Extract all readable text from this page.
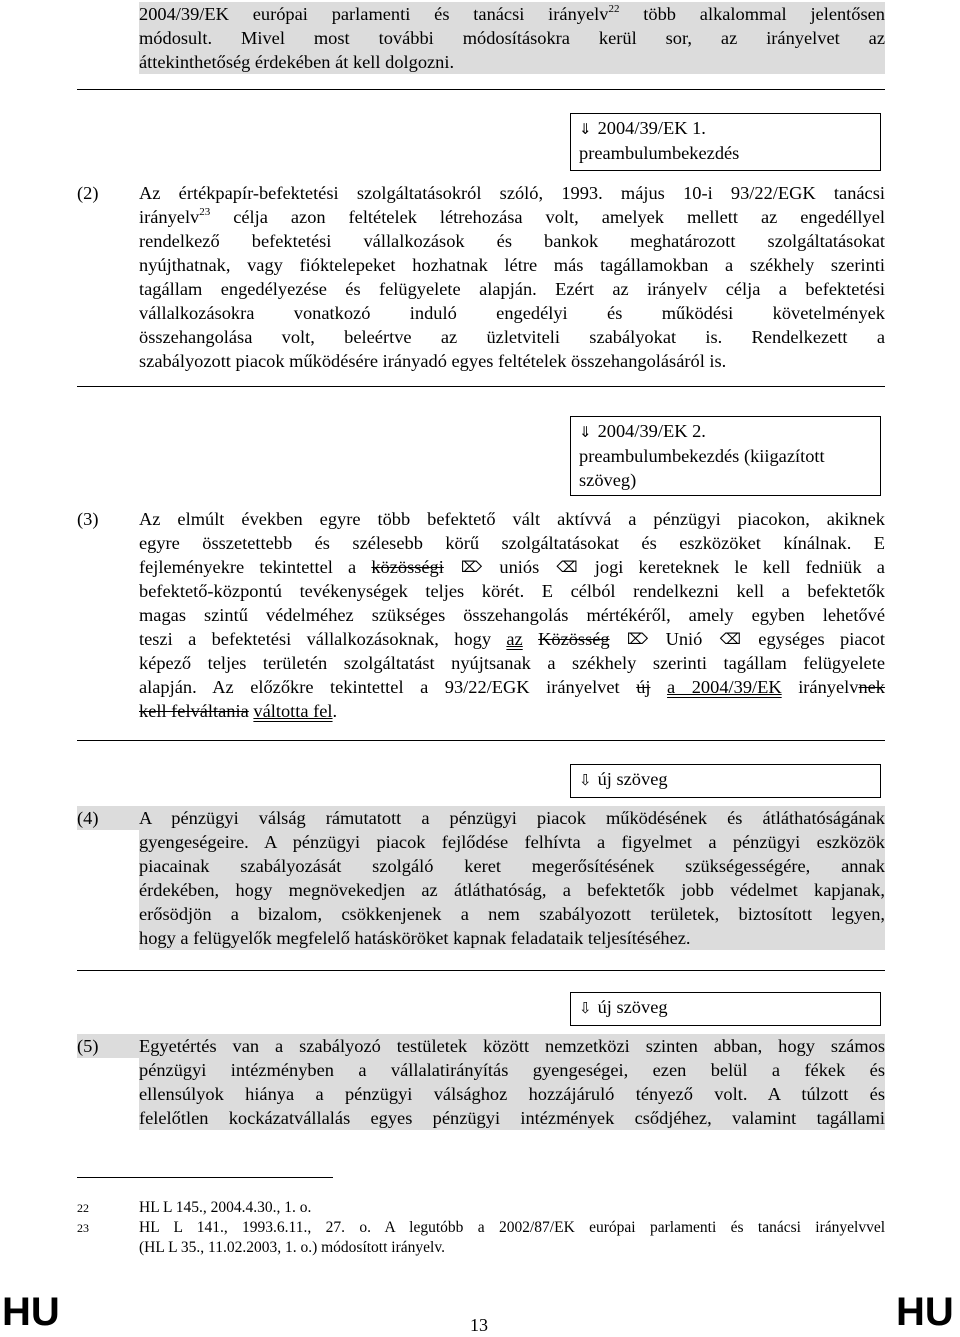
2004/39/EK európai parlamenti és tanácsi irányelv$^{22}$ több alkalommal jelentősen
módosult. Mivel most további módosításokra kerül sor, az irányelvet az
áttekinthetőség érdekében át kell dolgozni.
⇓ 2004/39/EK 1.
preambulumbekezdés
(2) Az értékpapír-befektetési szolgáltatásokról szóló, 1993. május 10-i 93/22/EGK tanácsi
irányelv$^{23}$ célja azon feltételek létrehozása volt, amelyek mellett az engedéllyel
rendelkező befektetési vállalkozások és bankok meghatározott szolgáltatásokat
nyújthatnak, vagy fióktelepeket hozhatnak létre más tagállamokban a székhely szerinti
tagállam engedélyezése és felügyelete alapján. Ezért az irányelv célja a befektetési
vállalkozásokra vonatkozó induló engedélyi és működési követelmények
összehangolása volt, beleértve az üzletviteli szabályokat is. Rendelkezett a
szabályozott piacok működésére irányadó egyes feltételek összehangolásáról is.
⇓ 2004/39/EK 2.
preambulumbekezdés (kiigazított
szöveg)
(3) Az elmúlt években egyre több befektető vált aktívvá a pénzügyi piacokon, akiknek
egyre összetettebb és szélesebb körű szolgáltatásokat és eszközöket kínálnak. E
fejleményekre tekintettel a közösségi ⌦ uniós ⌫ jogi kereteknek le kell fedniük a
befektető-központú tevékenységek teljes körét. E célból rendelkezni kell a befektetők
magas szintű védelméhez szükséges összehangolás mértékéről, amely egyben lehetővé
teszi a befektetési vállalkozásoknak, hogy az Közösség ⌦ Unió ⌫ egységes piacot
képező teljes területén szolgáltatást nyújtsanak a székhely szerinti tagállam felügyelete
alapján. Az előzőkre tekintettel a 93/22/EGK irányelvet új a 2004/39/EK irányelvnek
kell felváltania váltotta fel.
⇩ új szöveg
(4)	A pénzügyi válság rámutatott a pénzügyi piacok működésének és átláthatóságának
gyengeségeire. A pénzügyi piacok fejlődése felhívta a figyelmet a pénzügyi eszközök
piacainak szabályozását szolgáló keret megerősítésének szükségességére, annak
érdekében, hogy megnövekedjen az átláthatóság, a befektetők jobb védelmet kapjanak,
erősödjön a bizalom, csökkenjenek a nem szabályozott területek, biztosított legyen,
hogy a felügyelők megfelelő hatásköröket kapnak feladataik teljesítéséhez.
⇩ új szöveg
(5)	Egyetértés van a szabályozó testületek között nemzetközi szinten abban, hogy számos
pénzügyi intézményben a vállalatirányítás gyengeségei, ezen belül a fékek és
ellensúlyok hiánya a pénzügyi válsághoz hozzájáruló tényező volt. A túlzott és
felelőtlen kockázatvállalás egyes pénzügyi intézmények csődjéhez, valamint tagállami
22	HL L 145., 2004.4.30., 1. o.
23	HL L 141., 1993.6.11., 27. o. A legutóbb a 2002/87/EK európai parlamenti és tanácsi irányelvvel
(HL L 35., 11.02.2003, 1. o.) módosított irányelv.
HU	13	HU
